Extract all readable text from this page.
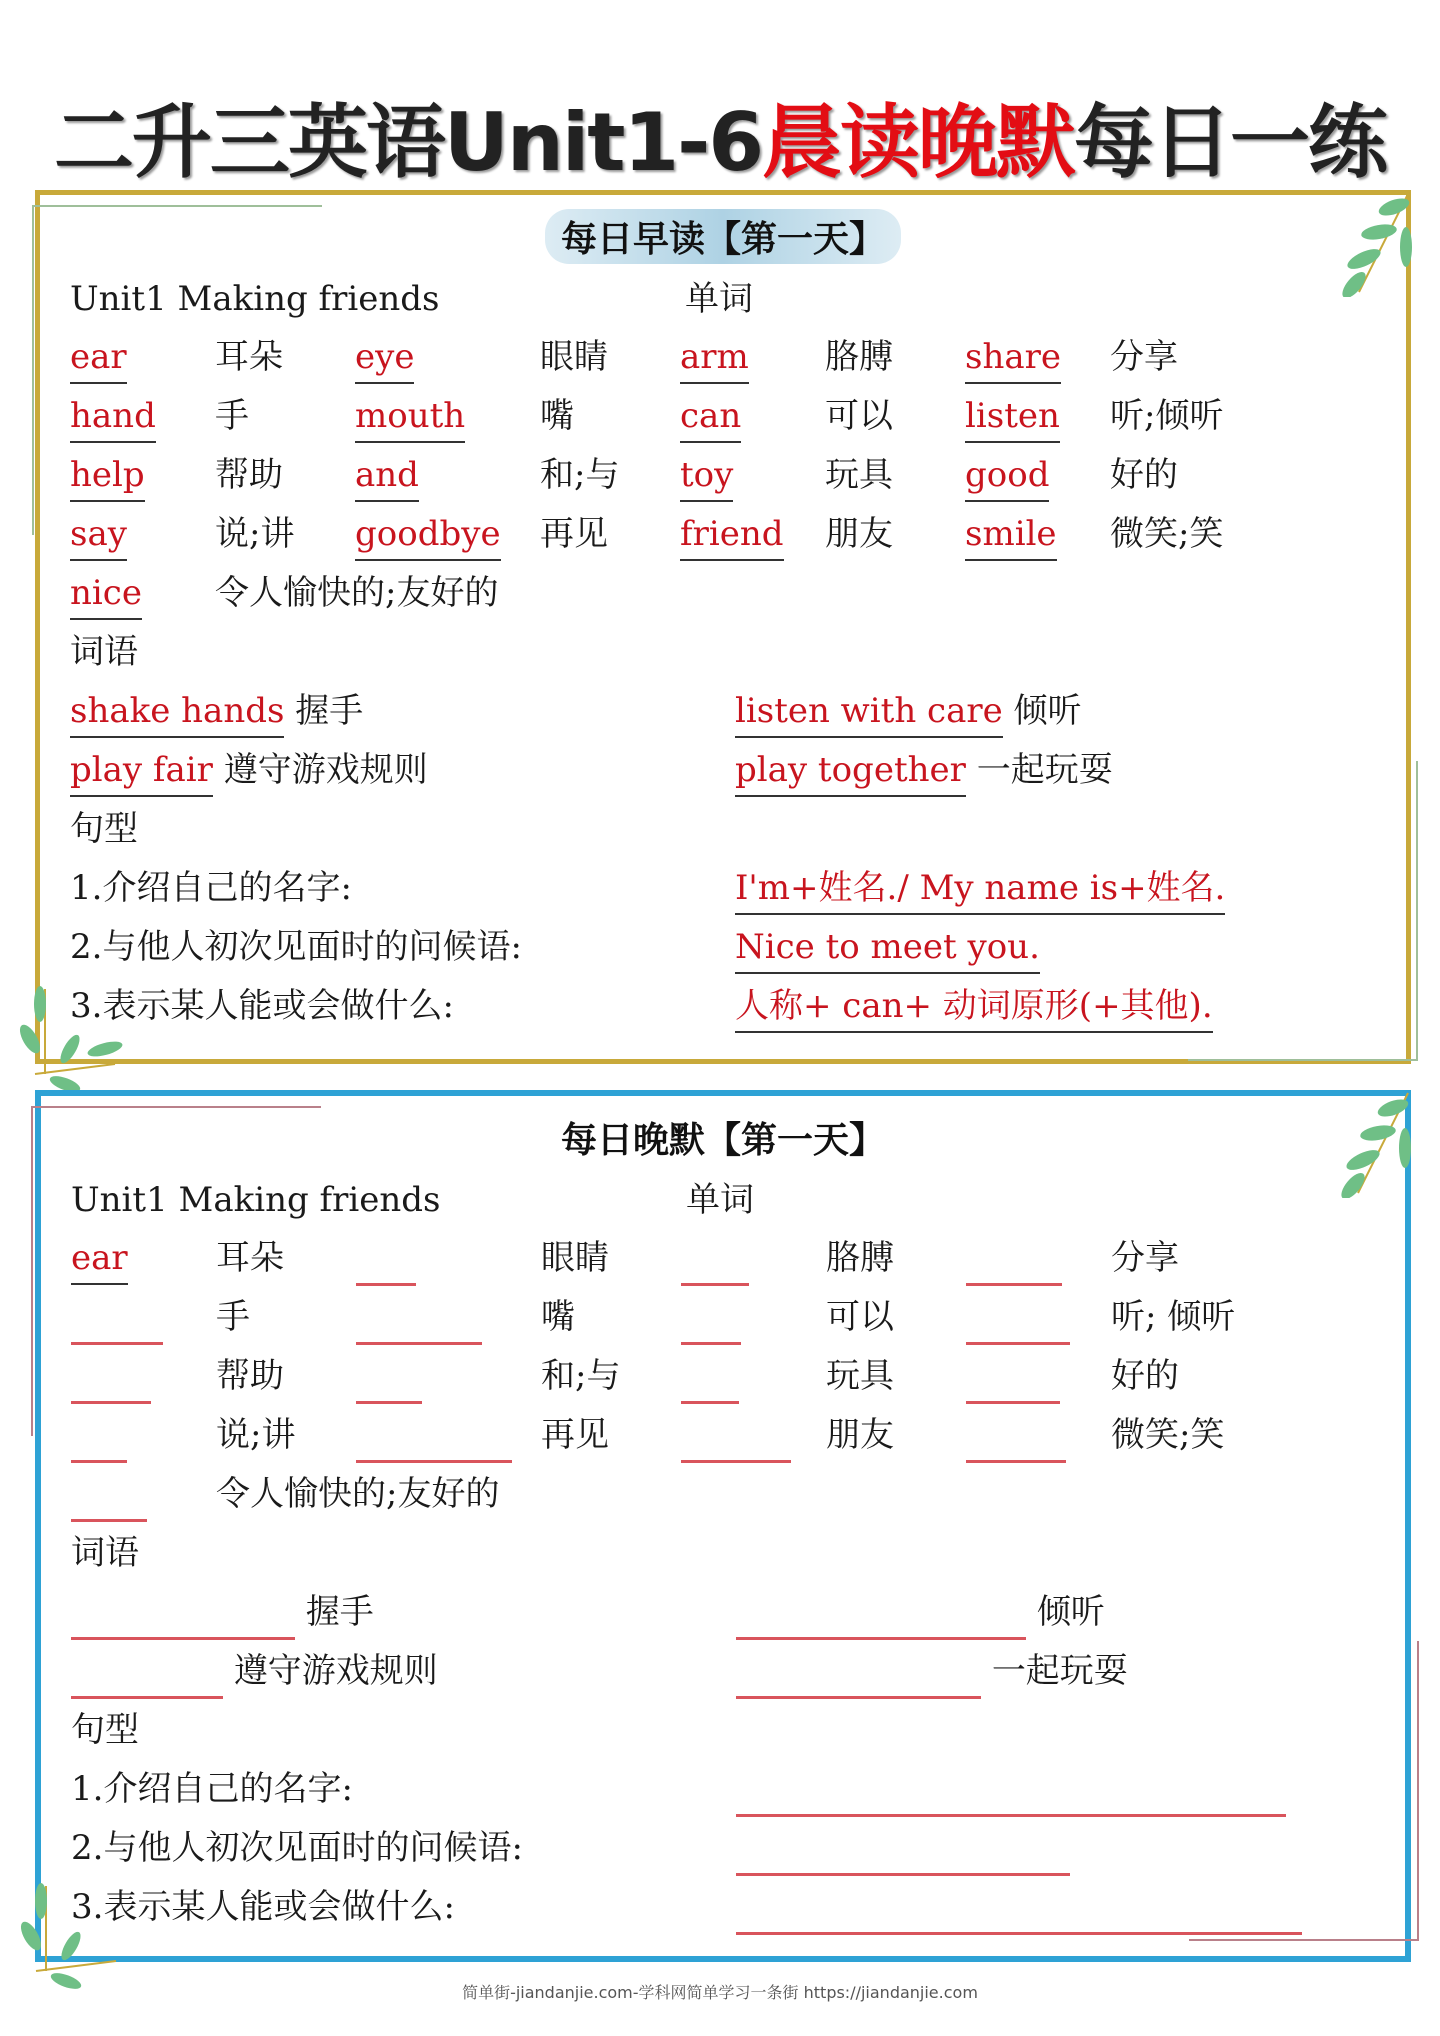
二升三英语Unit1-6晨读晚默每日一练
每日早读【第一天】
Unit1 Making friends	单词
ear	耳朵 eye	眼睛 arm 胳膊 share 分享
hand 手	mouth 嘴	can 可以 listen 听;倾听
help 帮助 and	和;与 toy	玩具 good 好的
say	说;讲 goodbye 再见 friend 朋友 smile 微笑;笑
nice 令人愉快的;友好的
词语
shake hands 握手	listen with care 倾听
play fair 遵守游戏规则	play together 一起玩耍
句型
1.介绍自己的名字:	I'm+姓名./ My name is+姓名.
2.与他人初次见面时的问候语:	Nice to meet you.
3.表示某人能或会做什么:	人称+ can+ 动词原形(+其他).
每日晚默【第一天】
Unit1 Making friends	单词
ear	耳朵	眼睛	胳膊	分享
手	嘴	可以	听; 倾听
帮助	和;与	玩具	好的
说;讲	再见	朋友	微笑;笑
令人愉快的;友好的
词语
握手	倾听
遵守游戏规则	一起玩耍
句型
1.介绍自己的名字:
2.与他人初次见面时的问候语:
3.表示某人能或会做什么:
简单街-jiandanjie.com-学科网简单学习一条街 https://jiandanjie.com
